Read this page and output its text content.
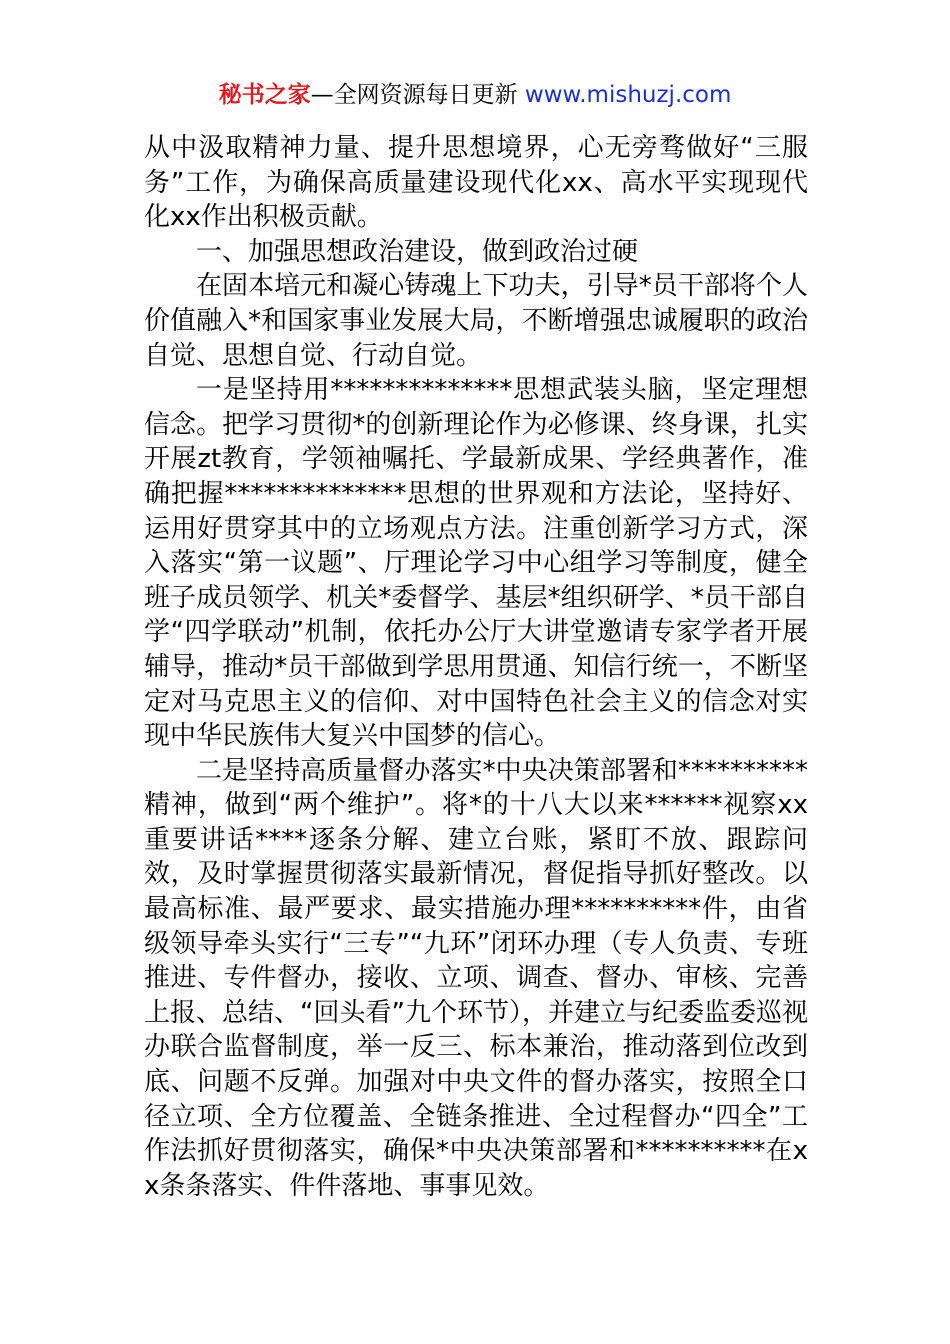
秘书之家—全网资源每日更新 www.mishuzj.com

从中汲取精神力量、提升思想境界，心无旁骛做好“三服务”工作，为确保高质量建设现代化xx、高水平实现现代化xx作出积极贡献。

一、加强思想政治建设，做到政治过硬

在固本培元和凝心铸魂上下功夫，引导*员干部将个人价值融入*和国家事业发展大局，不断增强忠诚履职的政治自觉、思想自觉、行动自觉。

一是坚持用**************思想武装头脑，坚定理想信念。把学习贯彻*的创新理论作为必修课、终身课，扎实开展zt教育，学领袖嘱托、学最新成果、学经典著作，准确把握**************思想的世界观和方法论，坚持好、运用好贯穿其中的立场观点方法。注重创新学习方式，深入落实“第一议题”、厅理论学习中心组学习等制度，健全班子成员领学、机关*委督学、基层*组织研学、*员干部自学“四学联动”机制，依托办公厅大讲堂邀请专家学者开展辅导，推动*员干部做到学思用贯通、知信行统一，不断坚定对马克思主义的信仰、对中国特色社会主义的信念对实现中华民族伟大复兴中国梦的信心。

二是坚持高质量督办落实*中央决策部署和**********精神，做到“两个维护”。将*的十八大以来******视察xx重要讲话****逐条分解、建立台账，紧盯不放、跟踪问效，及时掌握贯彻落实最新情况，督促指导抓好整改。以最高标准、最严要求、最实措施办理**********件，由省级领导牵头实行“三专”“九环”闭环办理（专人负责、专班推进、专件督办，接收、立项、调查、督办、审核、完善上报、总结、“回头看”九个环节），并建立与纪委监委巡视办联合监督制度，举一反三、标本兼治，推动落到位改到底、问题不反弹。加强对中央文件的督办落实，按照全口径立项、全方位覆盖、全链条推进、全过程督办“四全”工作法抓好贯彻落实，确保*中央决策部署和**********在xx条条落实、件件落地、事事见效。
